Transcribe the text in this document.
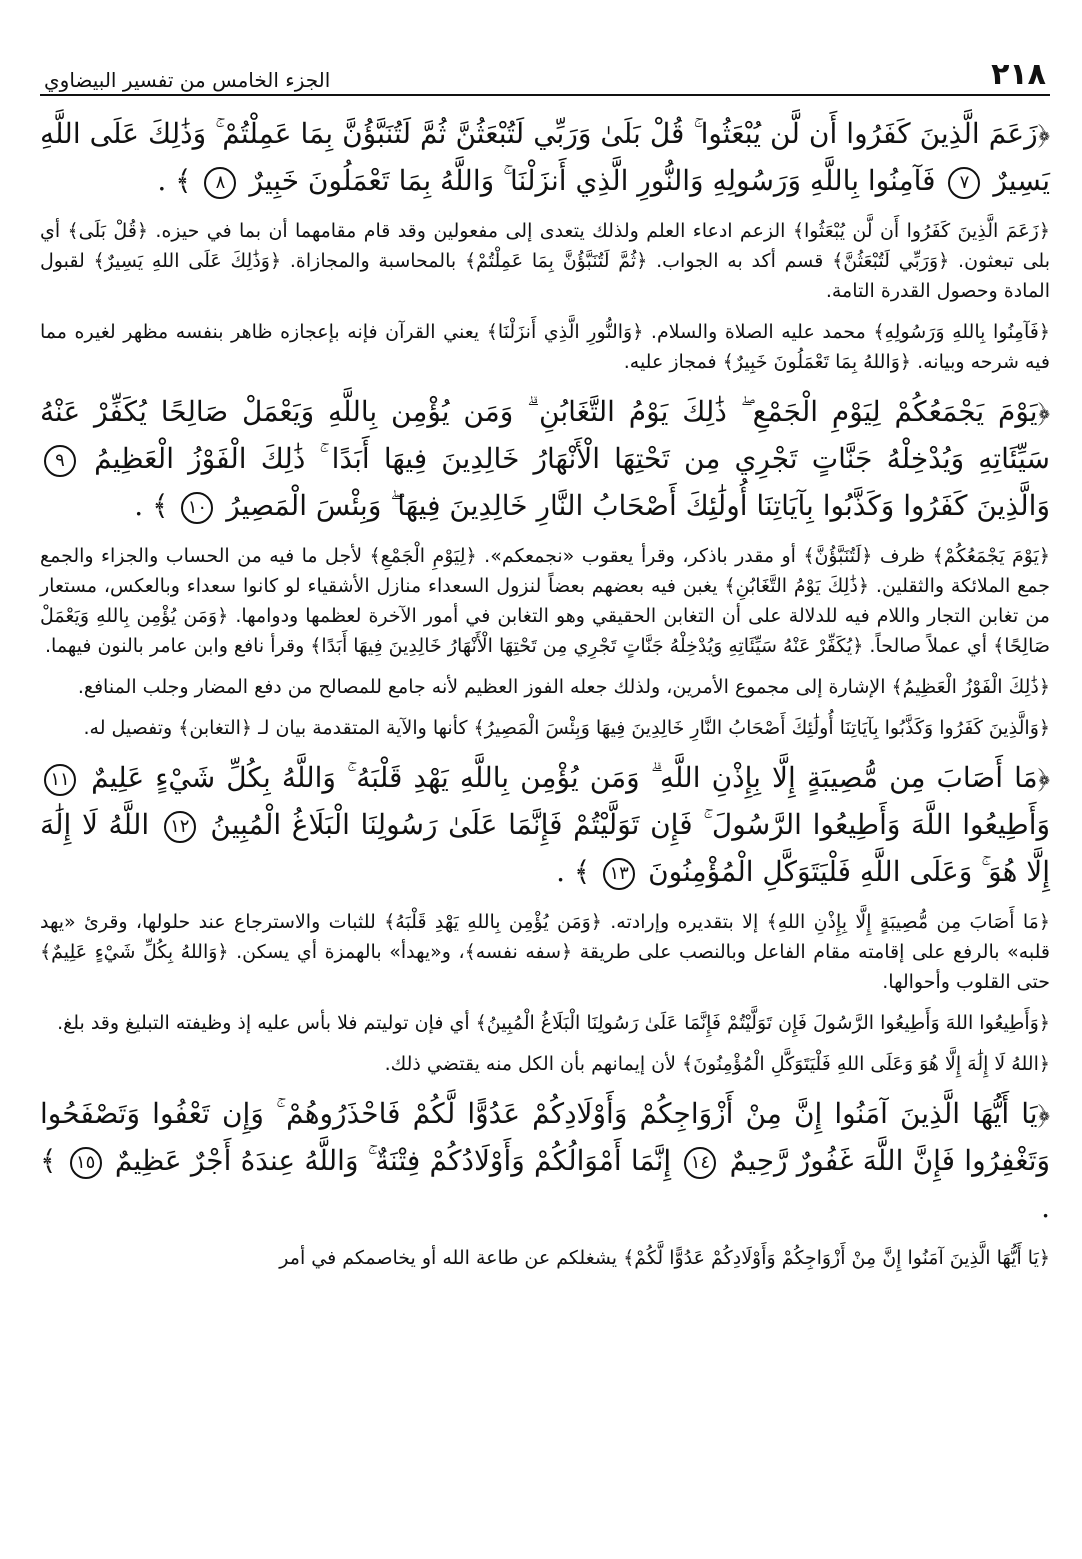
٢١٨
الجزء الخامس من تفسير البيضاوي

﴿زَعَمَ الَّذِينَ كَفَرُوا أَن لَّن يُبْعَثُوا ۚ قُلْ بَلَىٰ وَرَبِّي لَتُبْعَثُنَّ ثُمَّ لَتُنَبَّؤُنَّ بِمَا عَمِلْتُمْ ۚ وَذَٰلِكَ عَلَى اللَّهِ يَسِيرٌ ٧ فَآمِنُوا بِاللَّهِ وَرَسُولِهِ وَالنُّورِ الَّذِي أَنزَلْنَا ۚ وَاللَّهُ بِمَا تَعْمَلُونَ خَبِيرٌ ٨ ﴾ .

﴿زَعَمَ الَّذِينَ كَفَرُوا أَن لَّن يُبْعَثُوا﴾ الزعم ادعاء العلم ولذلك يتعدى إلى مفعولين وقد قام مقامهما أن بما في حيزه. ﴿قُلْ بَلَى﴾ أي بلى تبعثون. ﴿وَرَبِّي لَتُبْعَثُنَّ﴾ قسم أكد به الجواب. ﴿ثُمَّ لَتُنَبَّؤُنَّ بِمَا عَمِلْتُمْ﴾ بالمحاسبة والمجازاة. ﴿وَذَٰلِكَ عَلَى اللهِ يَسِيرٌ﴾ لقبول المادة وحصول القدرة التامة.

﴿فَآمِنُوا بِاللهِ وَرَسُولِهِ﴾ محمد عليه الصلاة والسلام. ﴿وَالنُّورِ الَّذِي أَنزَلْنَا﴾ يعني القرآن فإنه بإعجازه ظاهر بنفسه مظهر لغيره مما فيه شرحه وبيانه. ﴿وَاللهُ بِمَا تَعْمَلُونَ خَبِيرٌ﴾ فمجاز عليه.

﴿يَوْمَ يَجْمَعُكُمْ لِيَوْمِ الْجَمْعِ ۖ ذَٰلِكَ يَوْمُ التَّغَابُنِ ۗ وَمَن يُؤْمِن بِاللَّهِ وَيَعْمَلْ صَالِحًا يُكَفِّرْ عَنْهُ سَيِّئَاتِهِ وَيُدْخِلْهُ جَنَّاتٍ تَجْرِي مِن تَحْتِهَا الْأَنْهَارُ خَالِدِينَ فِيهَا أَبَدًا ۚ ذَٰلِكَ الْفَوْزُ الْعَظِيمُ ٩ وَالَّذِينَ كَفَرُوا وَكَذَّبُوا بِآيَاتِنَا أُولَٰئِكَ أَصْحَابُ النَّارِ خَالِدِينَ فِيهَا ۖ وَبِئْسَ الْمَصِيرُ ١٠ ﴾ .

﴿يَوْمَ يَجْمَعُكُمْ﴾ ظرف ﴿لَتُنَبَّؤُنَّ﴾ أو مقدر باذكر، وقرأ يعقوب «نجمعكم». ﴿لِيَوْمِ الْجَمْعِ﴾ لأجل ما فيه من الحساب والجزاء والجمع جمع الملائكة والثقلين. ﴿ذَٰلِكَ يَوْمُ التَّغَابُنِ﴾ يغبن فيه بعضهم بعضاً لنزول السعداء منازل الأشقياء لو كانوا سعداء وبالعكس، مستعار من تغابن التجار واللام فيه للدلالة على أن التغابن الحقيقي وهو التغابن في أمور الآخرة لعظمها ودوامها. ﴿وَمَن يُؤْمِن بِاللهِ وَيَعْمَلْ صَالِحًا﴾ أي عملاً صالحاً. ﴿يُكَفِّرْ عَنْهُ سَيِّئَاتِهِ وَيُدْخِلْهُ جَنَّاتٍ تَجْرِي مِن تَحْتِهَا الْأَنْهَارُ خَالِدِينَ فِيهَا أَبَدًا﴾ وقرأ نافع وابن عامر بالنون فيهما.

﴿ذَٰلِكَ الْفَوْزُ الْعَظِيمُ﴾ الإشارة إلى مجموع الأمرين، ولذلك جعله الفوز العظيم لأنه جامع للمصالح من دفع المضار وجلب المنافع.

﴿وَالَّذِينَ كَفَرُوا وَكَذَّبُوا بِآيَاتِنَا أُولَٰئِكَ أَصْحَابُ النَّارِ خَالِدِينَ فِيهَا وَبِئْسَ الْمَصِيرُ﴾ كأنها والآية المتقدمة بيان لـ ﴿التغابن﴾ وتفصيل له.

﴿مَا أَصَابَ مِن مُّصِيبَةٍ إِلَّا بِإِذْنِ اللَّهِ ۗ وَمَن يُؤْمِن بِاللَّهِ يَهْدِ قَلْبَهُ ۚ وَاللَّهُ بِكُلِّ شَيْءٍ عَلِيمٌ ١١ وَأَطِيعُوا اللَّهَ وَأَطِيعُوا الرَّسُولَ ۚ فَإِن تَوَلَّيْتُمْ فَإِنَّمَا عَلَىٰ رَسُولِنَا الْبَلَاغُ الْمُبِينُ ١٢ اللَّهُ لَا إِلَٰهَ إِلَّا هُوَ ۚ وَعَلَى اللَّهِ فَلْيَتَوَكَّلِ الْمُؤْمِنُونَ ١٣ ﴾ .

﴿مَا أَصَابَ مِن مُّصِيبَةٍ إِلَّا بِإِذْنِ اللهِ﴾ إلا بتقديره وإرادته. ﴿وَمَن يُؤْمِن بِاللهِ يَهْدِ قَلْبَهُ﴾ للثبات والاسترجاع عند حلولها، وقرئ «يهد قلبه» بالرفع على إقامته مقام الفاعل وبالنصب على طريقة ﴿سفه نفسه﴾، و«يهدأ» بالهمزة أي يسكن. ﴿وَاللهُ بِكُلِّ شَيْءٍ عَلِيمٌ﴾ حتى القلوب وأحوالها.

﴿وَأَطِيعُوا اللهَ وَأَطِيعُوا الرَّسُولَ فَإِن تَوَلَّيْتُمْ فَإِنَّمَا عَلَىٰ رَسُولِنَا الْبَلَاغُ الْمُبِينُ﴾ أي فإن توليتم فلا بأس عليه إذ وظيفته التبليغ وقد بلغ.

﴿اللهُ لَا إِلَٰهَ إِلَّا هُوَ وَعَلَى اللهِ فَلْيَتَوَكَّلِ الْمُؤْمِنُونَ﴾ لأن إيمانهم بأن الكل منه يقتضي ذلك.

﴿يَا أَيُّهَا الَّذِينَ آمَنُوا إِنَّ مِنْ أَزْوَاجِكُمْ وَأَوْلَادِكُمْ عَدُوًّا لَّكُمْ فَاحْذَرُوهُمْ ۚ وَإِن تَعْفُوا وَتَصْفَحُوا وَتَغْفِرُوا فَإِنَّ اللَّهَ غَفُورٌ رَّحِيمٌ ١٤ إِنَّمَا أَمْوَالُكُمْ وَأَوْلَادُكُمْ فِتْنَةٌ ۚ وَاللَّهُ عِندَهُ أَجْرٌ عَظِيمٌ ١٥ ﴾ .

﴿يَا أَيُّهَا الَّذِينَ آمَنُوا إِنَّ مِنْ أَزْوَاجِكُمْ وَأَوْلَادِكُمْ عَدُوًّا لَّكُمْ﴾ يشغلكم عن طاعة الله أو يخاصمكم في أمر
